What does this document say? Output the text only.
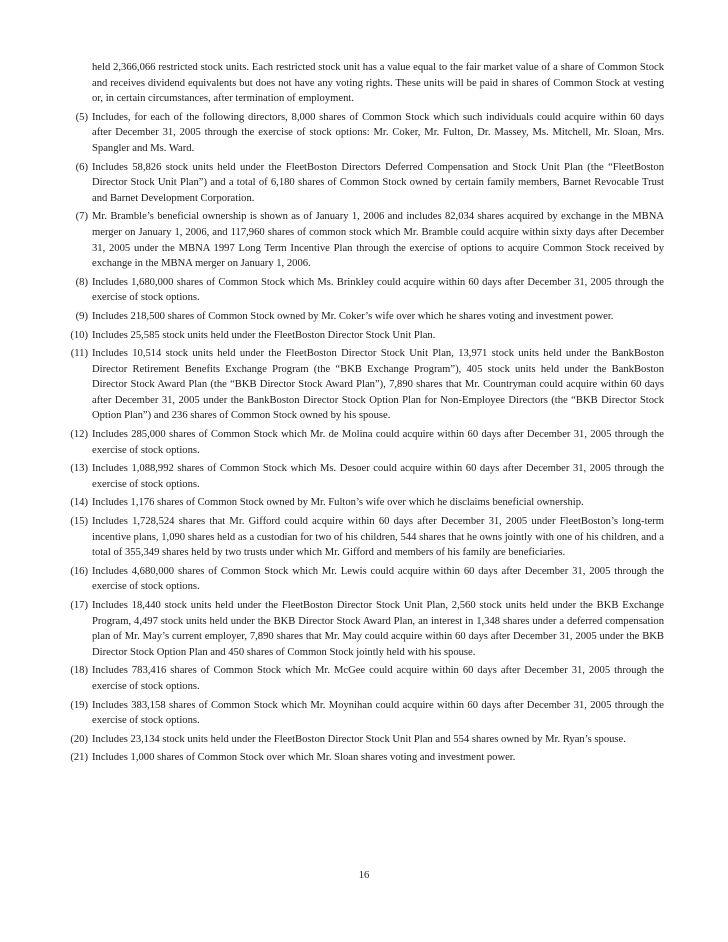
held 2,366,066 restricted stock units. Each restricted stock unit has a value equal to the fair market value of a share of Common Stock and receives dividend equivalents but does not have any voting rights. These units will be paid in shares of Common Stock at vesting or, in certain circumstances, after termination of employment.
(5) Includes, for each of the following directors, 8,000 shares of Common Stock which such individuals could acquire within 60 days after December 31, 2005 through the exercise of stock options: Mr. Coker, Mr. Fulton, Dr. Massey, Ms. Mitchell, Mr. Sloan, Mrs. Spangler and Ms. Ward.
(6) Includes 58,826 stock units held under the FleetBoston Directors Deferred Compensation and Stock Unit Plan (the “FleetBoston Director Stock Unit Plan”) and a total of 6,180 shares of Common Stock owned by certain family members, Barnet Revocable Trust and Barnet Development Corporation.
(7) Mr. Bramble’s beneficial ownership is shown as of January 1, 2006 and includes 82,034 shares acquired by exchange in the MBNA merger on January 1, 2006, and 117,960 shares of common stock which Mr. Bramble could acquire within sixty days after December 31, 2005 under the MBNA 1997 Long Term Incentive Plan through the exercise of options to acquire Common Stock received by exchange in the MBNA merger on January 1, 2006.
(8) Includes 1,680,000 shares of Common Stock which Ms. Brinkley could acquire within 60 days after December 31, 2005 through the exercise of stock options.
(9) Includes 218,500 shares of Common Stock owned by Mr. Coker’s wife over which he shares voting and investment power.
(10) Includes 25,585 stock units held under the FleetBoston Director Stock Unit Plan.
(11) Includes 10,514 stock units held under the FleetBoston Director Stock Unit Plan, 13,971 stock units held under the BankBoston Director Retirement Benefits Exchange Program (the “BKB Exchange Program”), 405 stock units held under the BankBoston Director Stock Award Plan (the “BKB Director Stock Award Plan”), 7,890 shares that Mr. Countryman could acquire within 60 days after December 31, 2005 under the BankBoston Director Stock Option Plan for Non-Employee Directors (the “BKB Director Stock Option Plan”) and 236 shares of Common Stock owned by his spouse.
(12) Includes 285,000 shares of Common Stock which Mr. de Molina could acquire within 60 days after December 31, 2005 through the exercise of stock options.
(13) Includes 1,088,992 shares of Common Stock which Ms. Desoer could acquire within 60 days after December 31, 2005 through the exercise of stock options.
(14) Includes 1,176 shares of Common Stock owned by Mr. Fulton’s wife over which he disclaims beneficial ownership.
(15) Includes 1,728,524 shares that Mr. Gifford could acquire within 60 days after December 31, 2005 under FleetBoston’s long-term incentive plans, 1,090 shares held as a custodian for two of his children, 544 shares that he owns jointly with one of his children, and a total of 355,349 shares held by two trusts under which Mr. Gifford and members of his family are beneficiaries.
(16) Includes 4,680,000 shares of Common Stock which Mr. Lewis could acquire within 60 days after December 31, 2005 through the exercise of stock options.
(17) Includes 18,440 stock units held under the FleetBoston Director Stock Unit Plan, 2,560 stock units held under the BKB Exchange Program, 4,497 stock units held under the BKB Director Stock Award Plan, an interest in 1,348 shares under a deferred compensation plan of Mr. May’s current employer, 7,890 shares that Mr. May could acquire within 60 days after December 31, 2005 under the BKB Director Stock Option Plan and 450 shares of Common Stock jointly held with his spouse.
(18) Includes 783,416 shares of Common Stock which Mr. McGee could acquire within 60 days after December 31, 2005 through the exercise of stock options.
(19) Includes 383,158 shares of Common Stock which Mr. Moynihan could acquire within 60 days after December 31, 2005 through the exercise of stock options.
(20) Includes 23,134 stock units held under the FleetBoston Director Stock Unit Plan and 554 shares owned by Mr. Ryan’s spouse.
(21) Includes 1,000 shares of Common Stock over which Mr. Sloan shares voting and investment power.
16
